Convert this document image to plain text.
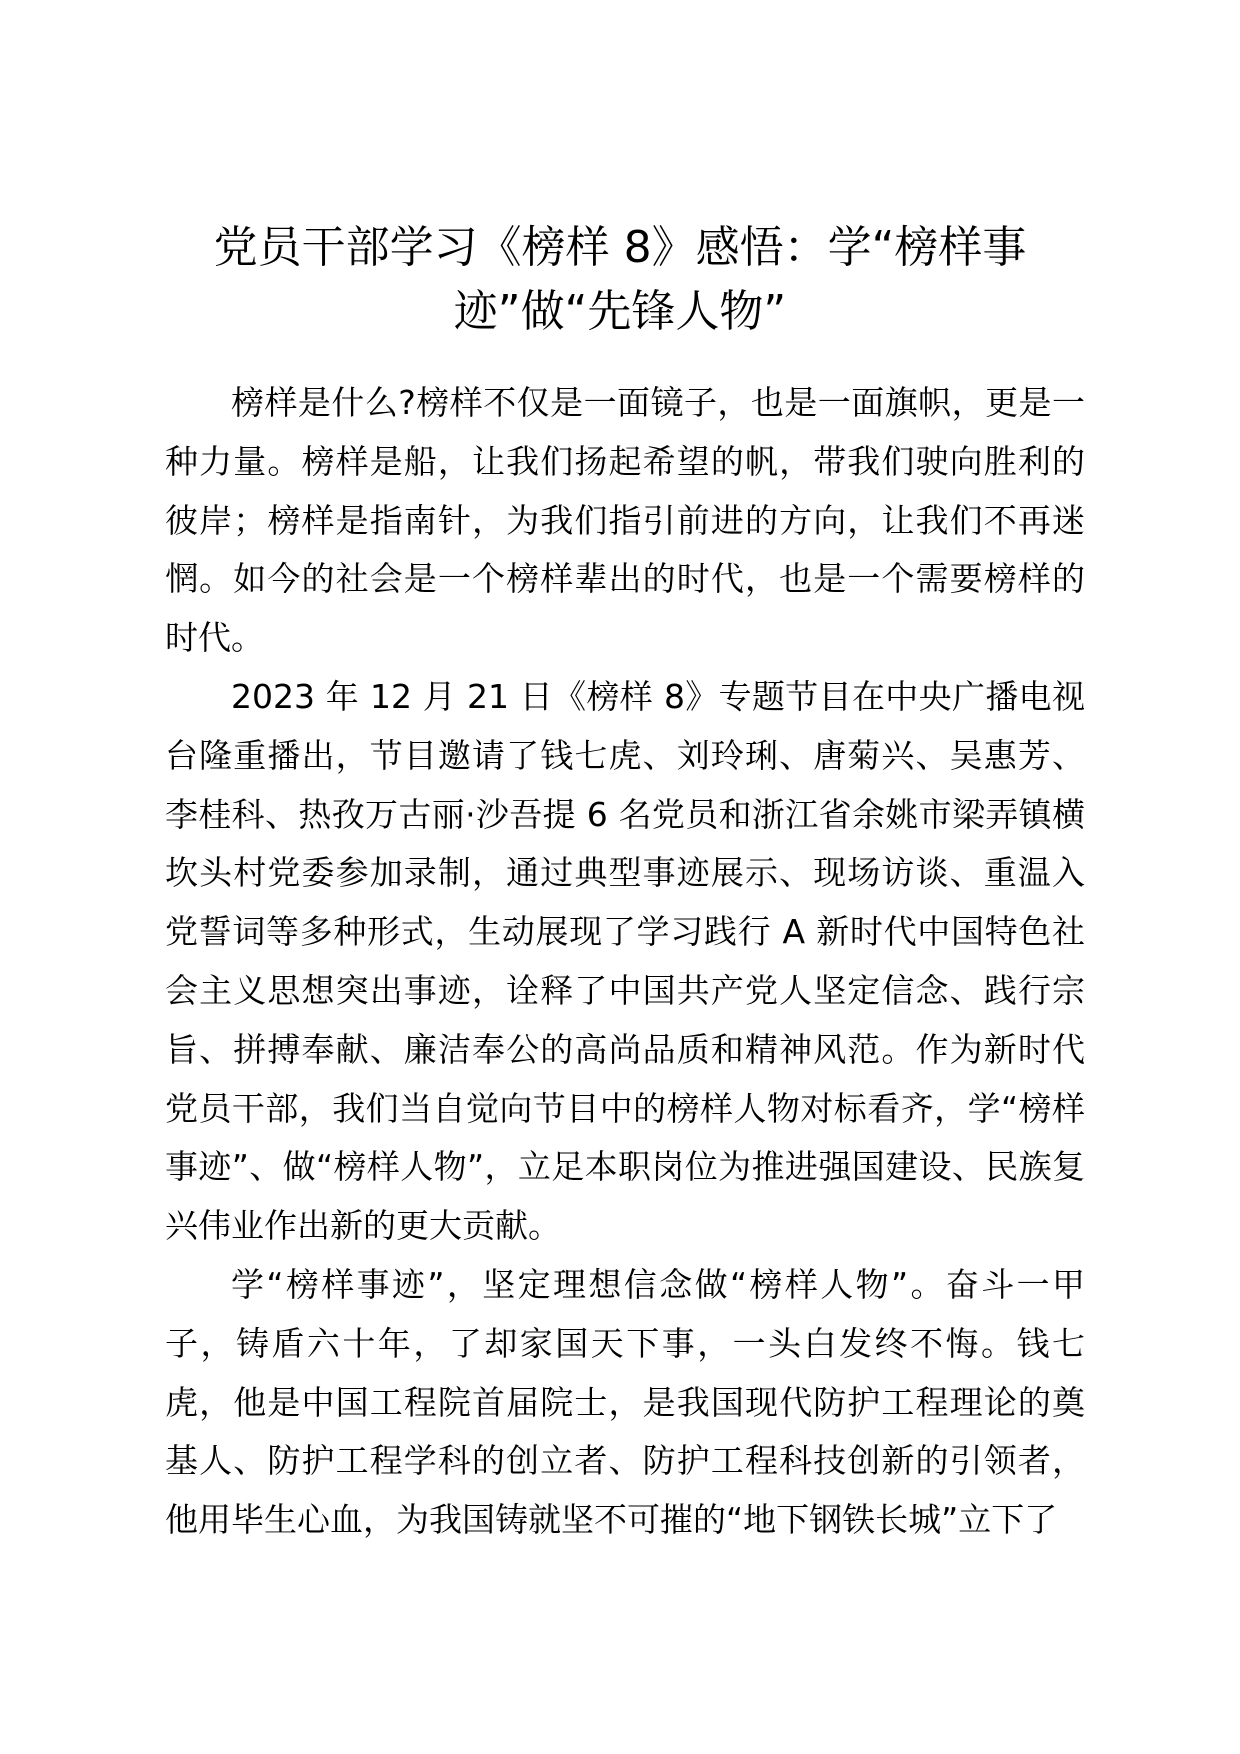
党员干部学习《榜样 8》感悟：学“榜样事迹”做“先锋人物”

榜样是什么?榜样不仅是一面镜子，也是一面旗帜，更是一种力量。榜样是船，让我们扬起希望的帆，带我们驶向胜利的彼岸；榜样是指南针，为我们指引前进的方向，让我们不再迷惘。如今的社会是一个榜样辈出的时代，也是一个需要榜样的时代。

2023 年 12 月 21 日《榜样 8》专题节目在中央广播电视台隆重播出，节目邀请了钱七虎、刘玲琍、唐菊兴、吴惠芳、李桂科、热孜万古丽·沙吾提 6 名党员和浙江省余姚市梁弄镇横坎头村党委参加录制，通过典型事迹展示、现场访谈、重温入党誓词等多种形式，生动展现了学习践行 A 新时代中国特色社会主义思想突出事迹，诠释了中国共产党人坚定信念、践行宗旨、拼搏奉献、廉洁奉公的高尚品质和精神风范。作为新时代党员干部，我们当自觉向节目中的榜样人物对标看齐，学“榜样事迹”、做“榜样人物”，立足本职岗位为推进强国建设、民族复兴伟业作出新的更大贡献。

学“榜样事迹”，坚定理想信念做“榜样人物”。奋斗一甲子，铸盾六十年，了却家国天下事，一头白发终不悔。钱七虎，他是中国工程院首届院士，是我国现代防护工程理论的奠基人、防护工程学科的创立者、防护工程科技创新的引领者，他用毕生心血，为我国铸就坚不可摧的“地下钢铁长城”立下了
